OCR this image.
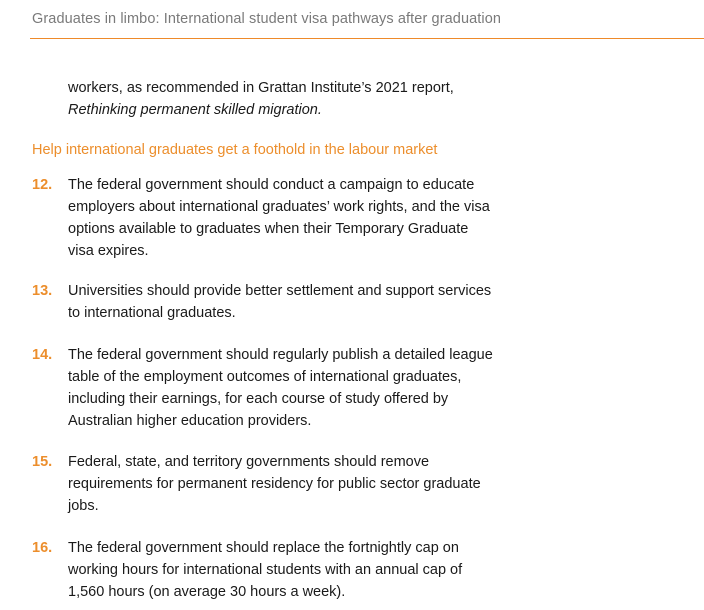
Graduates in limbo: International student visa pathways after graduation
workers, as recommended in Grattan Institute’s 2021 report,
Rethinking permanent skilled migration.
Help international graduates get a foothold in the labour market
12. The federal government should conduct a campaign to educate
employers about international graduates’ work rights, and the visa
options available to graduates when their Temporary Graduate
visa expires.
13. Universities should provide better settlement and support services
to international graduates.
14. The federal government should regularly publish a detailed league
table of the employment outcomes of international graduates,
including their earnings, for each course of study offered by
Australian higher education providers.
15. Federal, state, and territory governments should remove
requirements for permanent residency for public sector graduate
jobs.
16. The federal government should replace the fortnightly cap on
working hours for international students with an annual cap of
1,560 hours (on average 30 hours a week).
